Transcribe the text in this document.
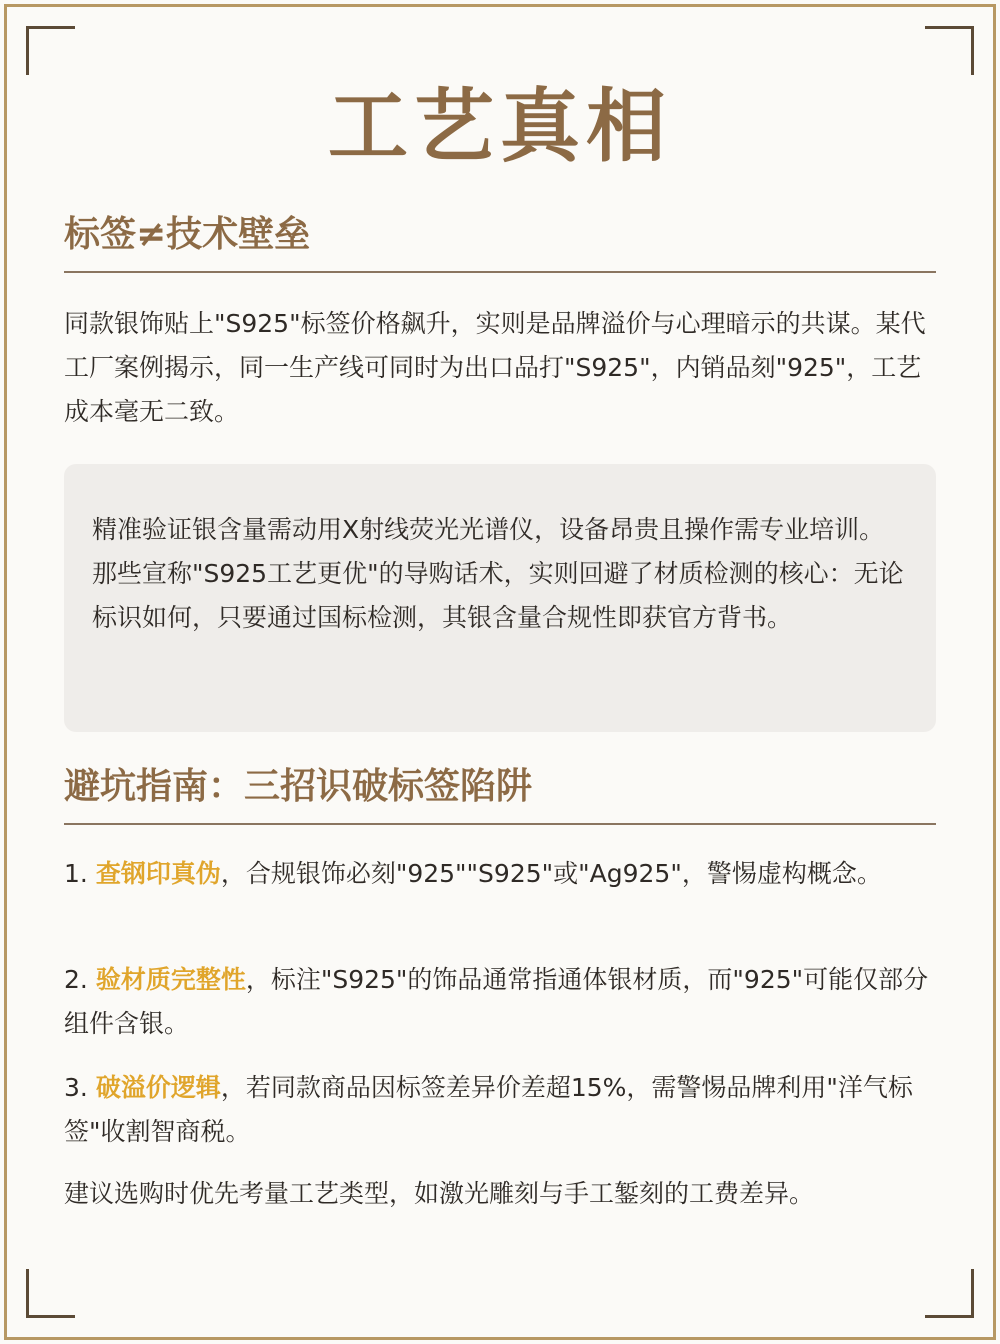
工艺真相
标签≠技术壁垒
同款银饰贴上"S925"标签价格飙升，实则是品牌溢价与心理暗示的共谋。某代工厂案例揭示，同一生产线可同时为出口品打"S925"，内销品刻"925"，工艺成本毫无二致。
精准验证银含量需动用X射线荧光光谱仪，设备昂贵且操作需专业培训。那些宣称"S925工艺更优"的导购话术，实则回避了材质检测的核心：无论标识如何，只要通过国标检测，其银含量合规性即获官方背书。
避坑指南：三招识破标签陷阱
1. 查钢印真伪，合规银饰必刻"925""S925"或"Ag925"，警惕虚构概念。
2. 验材质完整性，标注"S925"的饰品通常指通体银材质，而"925"可能仅部分组件含银。
3. 破溢价逻辑，若同款商品因标签差异价差超15%，需警惕品牌利用"洋气标签"收割智商税。
建议选购时优先考量工艺类型，如激光雕刻与手工錾刻的工费差异。
